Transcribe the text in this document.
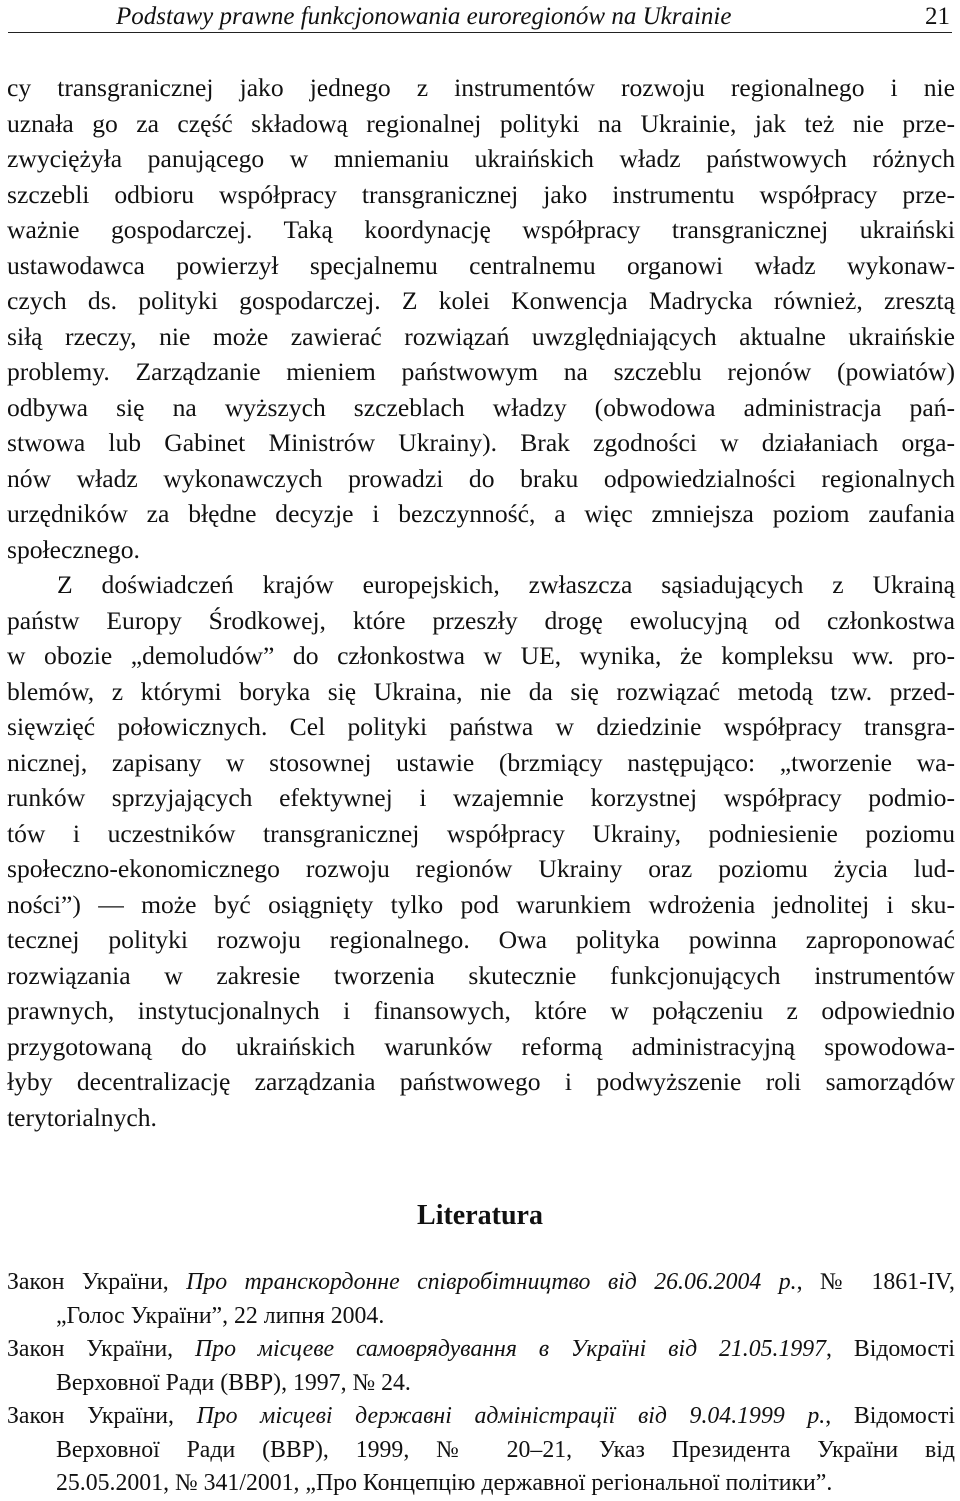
Podstawy prawne funkcjonowania euroregionów na Ukrainie	21
cy transgranicznej jako jednego z instrumentów rozwoju regionalnego i nie
uznała go za część składową regionalnej polityki na Ukrainie, jak też nie prze-
zwyciężyła panującego w mniemaniu ukraińskich władz państwowych różnych
szczebli odbioru współpracy transgranicznej jako instrumentu współpracy prze-
ważnie gospodarczej. Taką koordynację współpracy transgranicznej ukraiński
ustawodawca powierzył specjalnemu centralnemu organowi władz wykonaw-
czych ds. polityki gospodarczej. Z kolei Konwencja Madrycka również, zresztą
siłą rzeczy, nie może zawierać rozwiązań uwzględniających aktualne ukraińskie
problemy. Zarządzanie mieniem państwowym na szczeblu rejonów (powiatów)
odbywa się na wyższych szczeblach władzy (obwodowa administracja pań-
stwowa lub Gabinet Ministrów Ukrainy). Brak zgodności w działaniach orga-
nów władz wykonawczych prowadzi do braku odpowiedzialności regionalnych
urzędników za błędne decyzje i bezczynność, a więc zmniejsza poziom zaufania
społecznego.
Z doświadczeń krajów europejskich, zwłaszcza sąsiadujących z Ukrainą
państw Europy Środkowej, które przeszły drogę ewolucyjną od członkostwa
w obozie „demoludów” do członkostwa w UE, wynika, że kompleksu ww. pro-
blemów, z którymi boryka się Ukraina, nie da się rozwiązać metodą tzw. przed-
sięwzięć połowicznych. Cel polityki państwa w dziedzinie współpracy transgra-
nicznej, zapisany w stosownej ustawie (brzmiący następująco: „tworzenie wa-
runków sprzyjających efektywnej i wzajemnie korzystnej współpracy podmio-
tów i uczestników transgranicznej współpracy Ukrainy, podniesienie poziomu
społeczno-ekonomicznego rozwoju regionów Ukrainy oraz poziomu życia lud-
ności”) — może być osiągnięty tylko pod warunkiem wdrożenia jednolitej i sku-
tecznej polityki rozwoju regionalnego. Owa polityka powinna zaproponować
rozwiązania w zakresie tworzenia skutecznie funkcjonujących instrumentów
prawnych, instytucjonalnych i finansowych, które w połączeniu z odpowiednio
przygotowaną do ukraińskich warunków reformą administracyjną spowodowa-
łyby decentralizację zarządzania państwowego i podwyższenie roli samorządów
terytorialnych.
Literatura
Закон України, Про транскордонне співробітництво від 26.06.2004 р., № 1861-IV,
„Голос України”, 22 липня 2004.
Закон України, Про місцеве самоврядування в Україні від 21.05.1997, Відомості
Верховної Ради (ВВР), 1997, № 24.
Закон України, Про місцеві державні адміністрації від 9.04.1999 р., Відомості
Верховної Ради (ВВР), 1999, № 20–21, Указ Президента України від
25.05.2001, № 341/2001, „Про Концепцію державної регіональної політики”.
